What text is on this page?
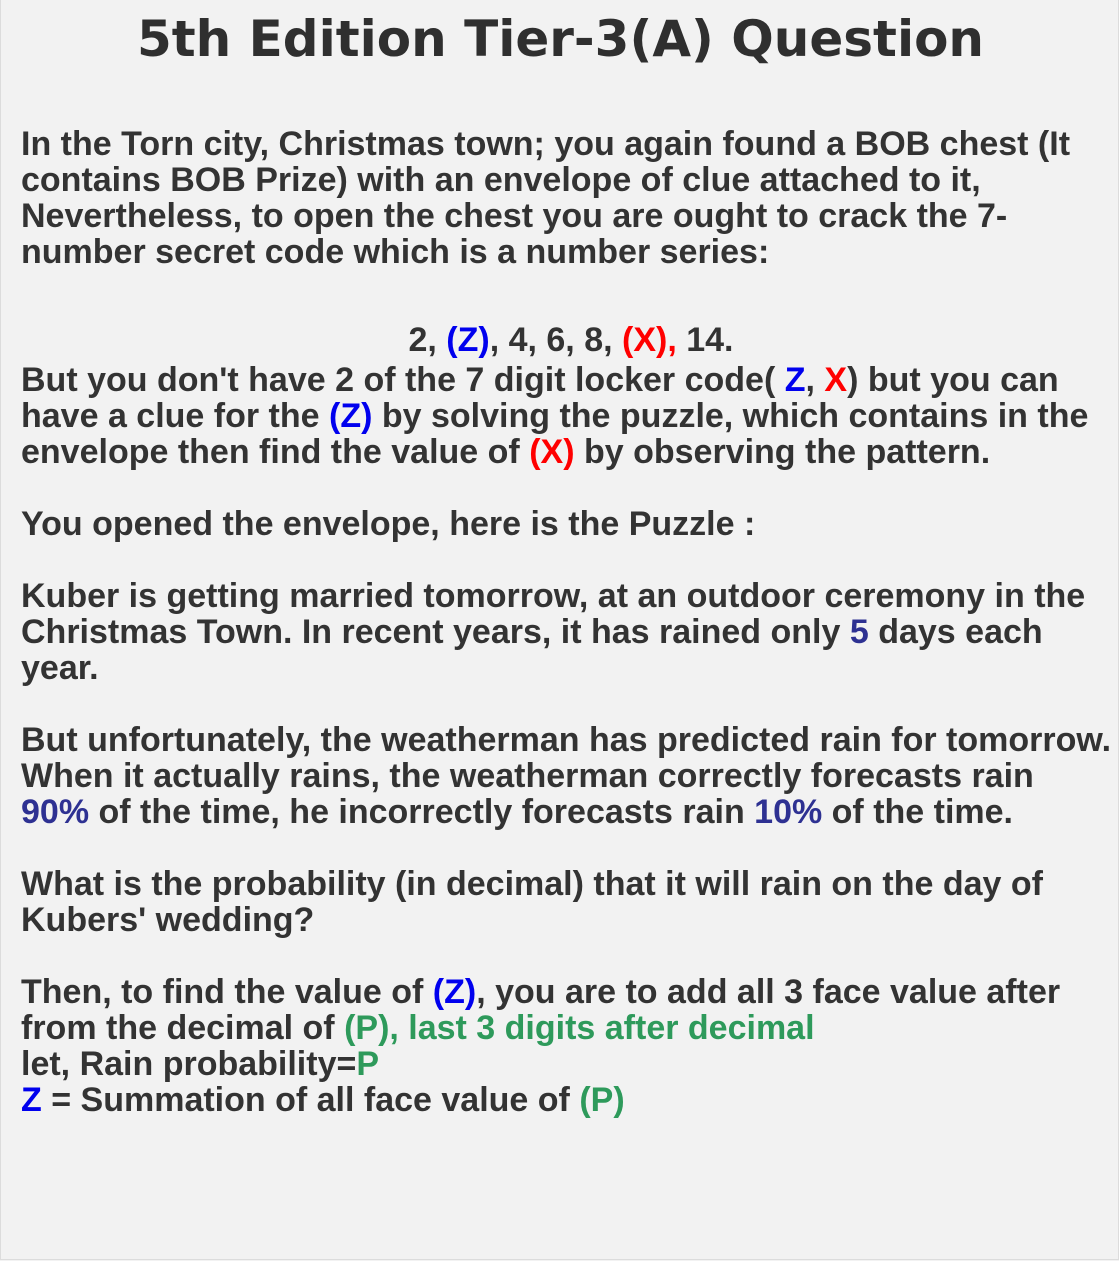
5th Edition Tier-3(A) Question

In the Torn city, Christmas town; you again found a BOB chest (It contains BOB Prize) with an envelope of clue attached to it, Nevertheless, to open the chest you are ought to crack the 7-number secret code which is a number series:

2, (Z), 4, 6, 8, (X), 14.

But you don't have 2 of the 7 digit locker code( Z, X) but you can have a clue for the (Z) by solving the puzzle, which contains in the envelope then find the value of (X) by observing the pattern.

You opened the envelope, here is the Puzzle :

Kuber is getting married tomorrow, at an outdoor ceremony in the Christmas Town. In recent years, it has rained only 5 days each year.

But unfortunately, the weatherman has predicted rain for tomorrow. When it actually rains, the weatherman correctly forecasts rain 90% of the time, he incorrectly forecasts rain 10% of the time.

What is the probability (in decimal) that it will rain on the day of Kubers' wedding?

Then, to find the value of (Z), you are to add all 3 face value after from the decimal of (P), last 3 digits after decimal
let, Rain probability=P
Z = Summation of all face value of (P)
